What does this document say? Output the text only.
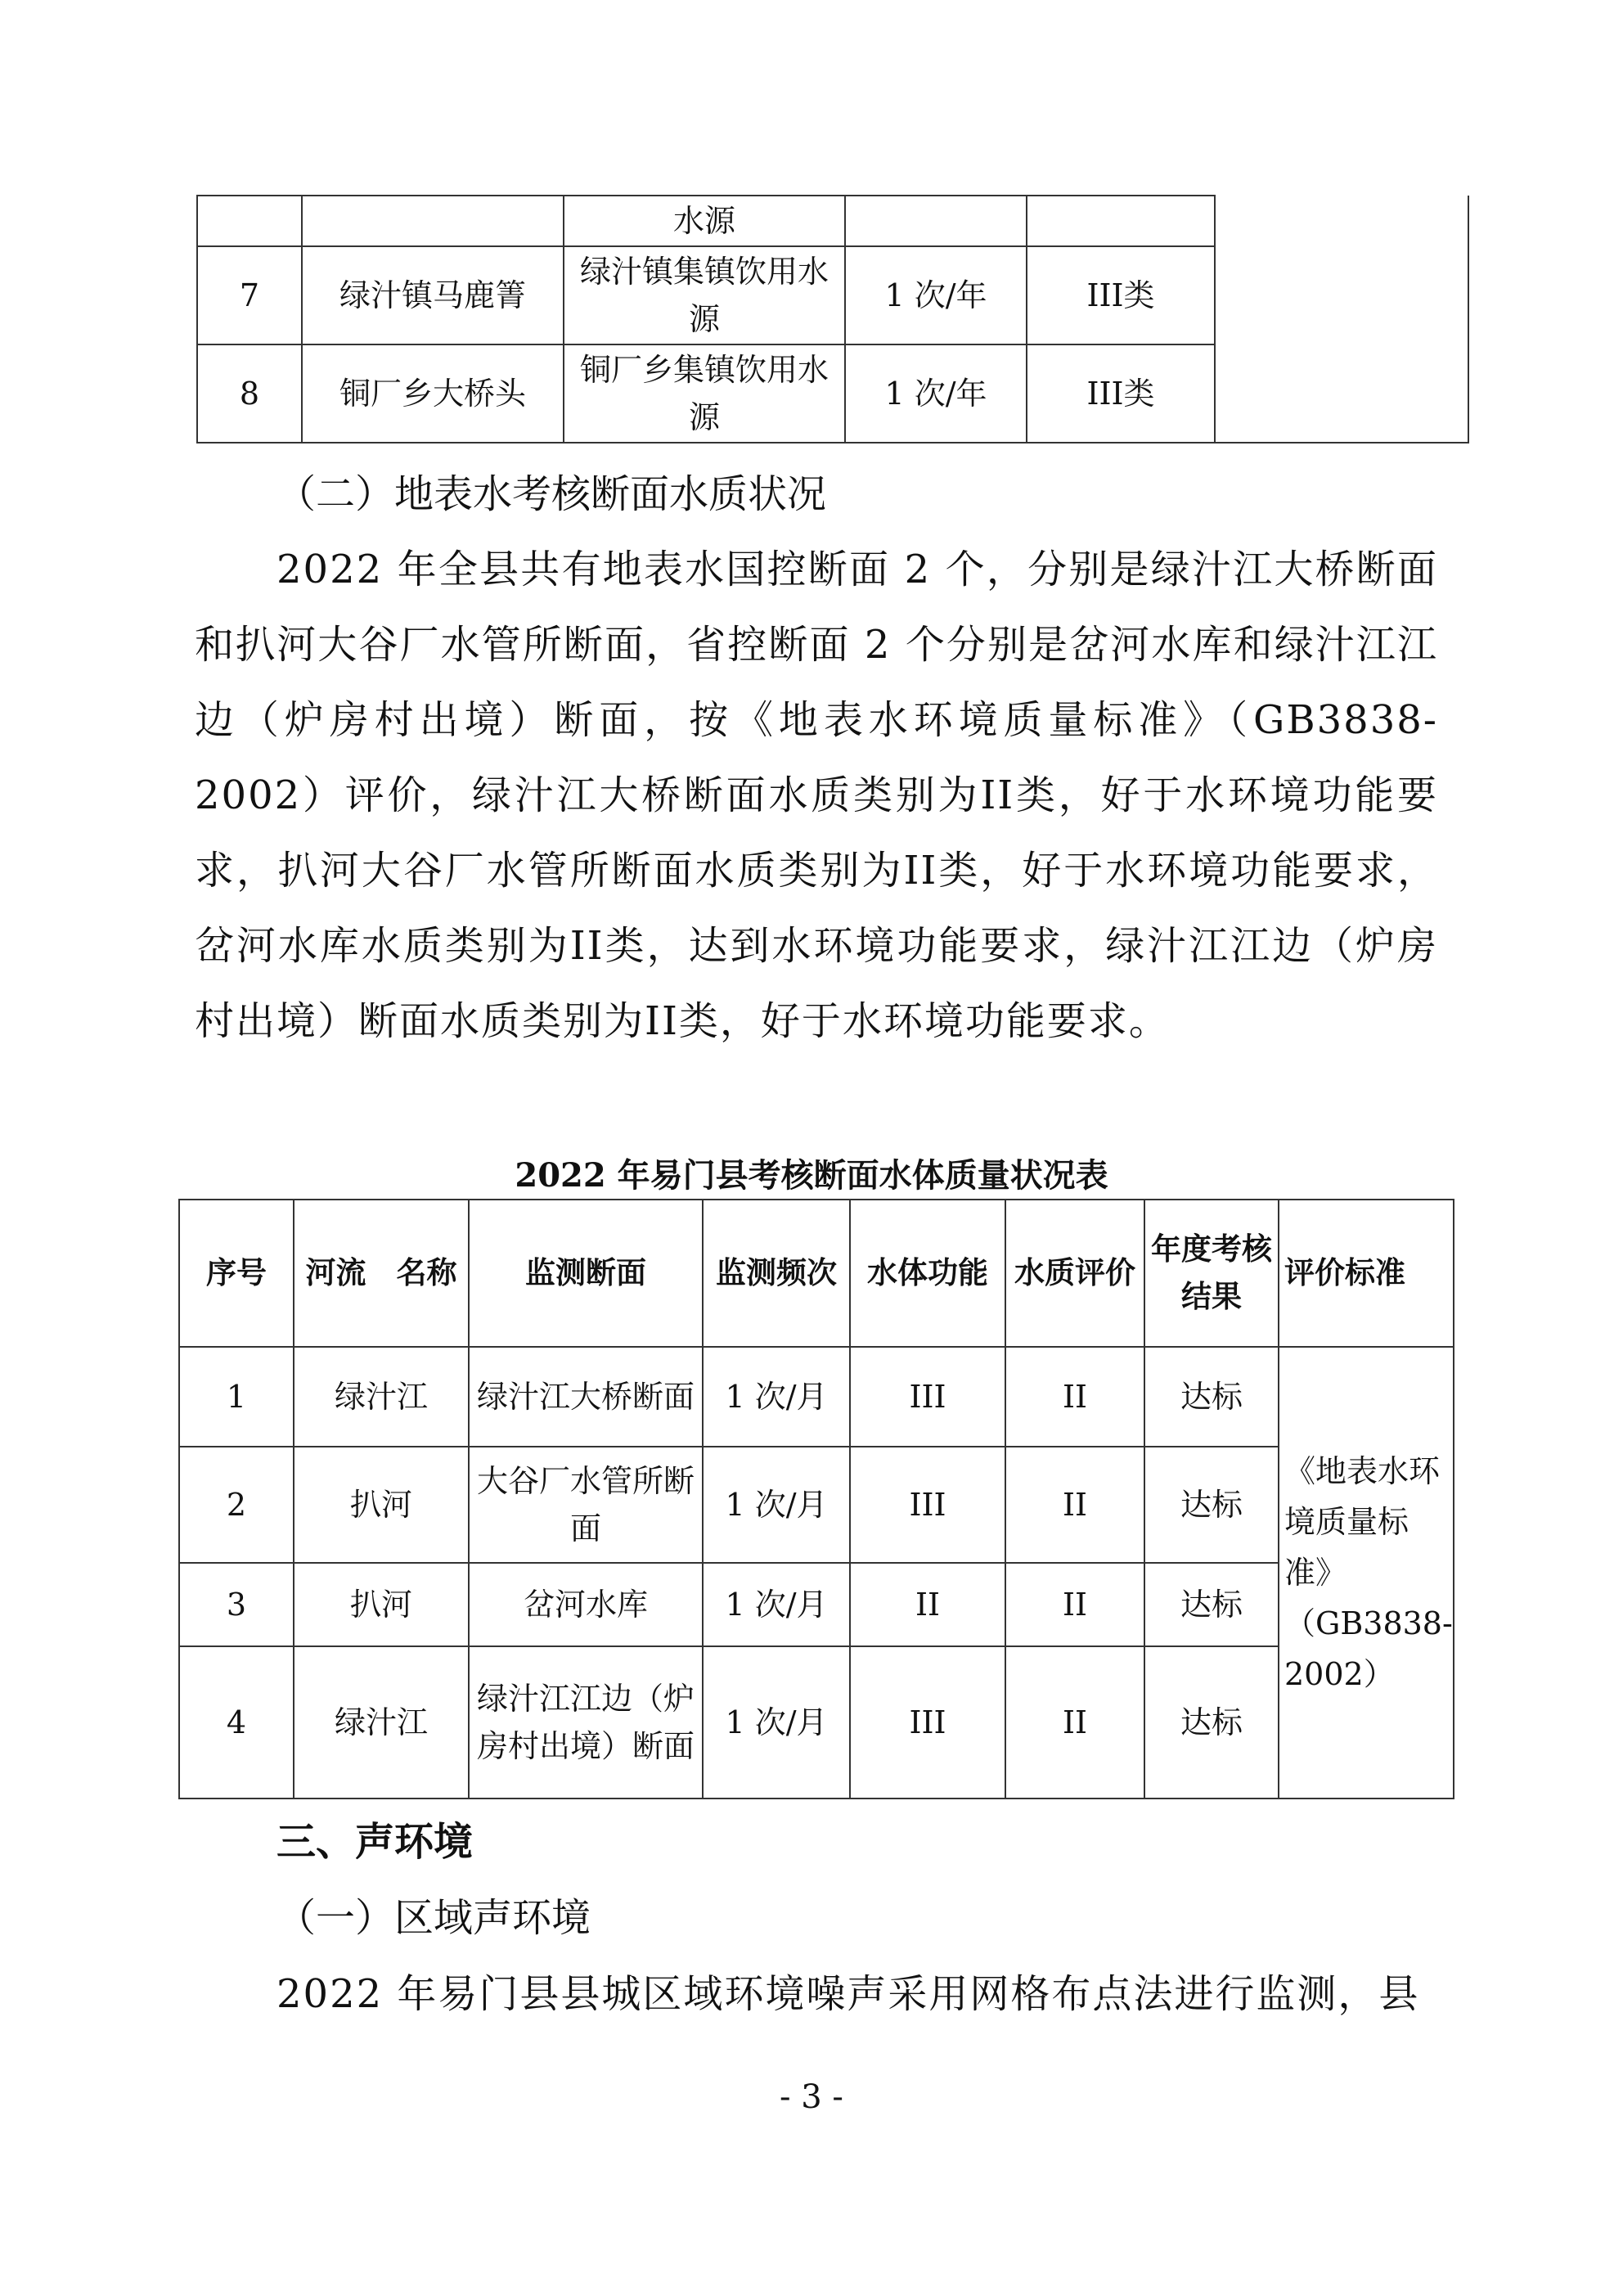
		水源			
7	绿汁镇马鹿箐	绿汁镇集镇饮用水源	1 次/年	III类	
8	铜厂乡大桥头	铜厂乡集镇饮用水源	1 次/年	III类	
（二）地表水考核断面水质状况
2022 年全县共有地表水国控断面 2 个，分别是绿汁江大桥断面和扒河大谷厂水管所断面，省控断面 2 个分别是岔河水库和绿汁江江边（炉房村出境）断面，按《地表水环境质量标准》（GB3838-2002）评价，绿汁江大桥断面水质类别为II类，好于水环境功能要求，扒河大谷厂水管所断面水质类别为II类，好于水环境功能要求，岔河水库水质类别为II类，达到水环境功能要求，绿汁江江边（炉房村出境）断面水质类别为II类，好于水环境功能要求。
2022 年易门县考核断面水体质量状况表
序号	河流　名称	监测断面	监测频次	水体功能	水质评价	年度考核结果	评价标准
1	绿汁江	绿汁江大桥断面	1 次/月	III	II	达标	《地表水环境质量标准》（GB3838-2002）
2	扒河	大谷厂水管所断面	1 次/月	III	II	达标	
3	扒河	岔河水库	1 次/月	II	II	达标	
4	绿汁江	绿汁江江边（炉房村出境）断面	1 次/月	III	II	达标	
三、声环境
（一）区域声环境
2022 年易门县县城区域环境噪声采用网格布点法进行监测，县
- 3 -
